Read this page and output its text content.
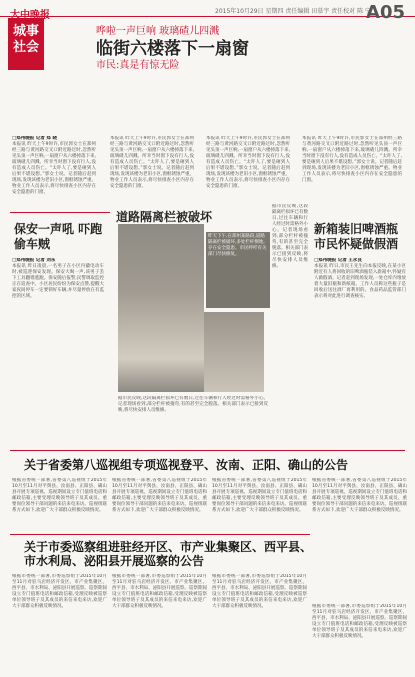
城事社会
2015年10月29日 星期四 责任编辑 田慕宇 责任校对 陈 宁
A05
哗啦一声巨响 玻璃碴儿四溅
临街六楼落下一扇窗
市民:真是有惊无险
□郑州晚报 记者 郑 晓
本报讯 昨天上午9时许,市民郭女士在郑州经三路与黄河路交叉口附近路过时,忽然听见头顶一声巨响,一扇窗户从六楼掉落下来,玻璃碴儿四溅。所幸当时窗下没有行人,没有造成人员伤亡。“太吓人了,要是砸到人后果不堪设想。”郭女士说。记者随后赶到现场,发现该楼为老旧小区,窗框锈蚀严重。物业工作人员表示,将尽快排查小区内存在安全隐患的门窗。
本报讯 昨天上午9时许,市民郭女士在郑州经三路与黄河路交叉口附近路过时,忽然听见头顶一声巨响,一扇窗户从六楼掉落下来,玻璃碴儿四溅。所幸当时窗下没有行人,没有造成人员伤亡。“太吓人了,要是砸到人后果不堪设想。”郭女士说。记者随后赶到现场,发现该楼为老旧小区,窗框锈蚀严重。物业工作人员表示,将尽快排查小区内存在安全隐患的门窗。
本报讯 昨天上午9时许,市民郭女士在郑州经三路与黄河路交叉口附近路过时,忽然听见头顶一声巨响,一扇窗户从六楼掉落下来,玻璃碴儿四溅。所幸当时窗下没有行人,没有造成人员伤亡。“太吓人了,要是砸到人后果不堪设想。”郭女士说。记者随后赶到现场,发现该楼为老旧小区,窗框锈蚀严重。物业工作人员表示,将尽快排查小区内存在安全隐患的门窗。
本报讯 昨天上午9时许,市民郭女士在郑州经三路与黄河路交叉口附近路过时,忽然听见头顶一声巨响,一扇窗户从六楼掉落下来,玻璃碴儿四溅。所幸当时窗下没有行人,没有造成人员伤亡。“太吓人了,要是砸到人后果不堪设想。”郭女士说。记者随后赶到现场,发现该楼为老旧小区,窗框锈蚀严重。物业工作人员表示,将尽快排查小区内存在安全隐患的门窗。
保安一声吼 吓跑偷车贼
□郑州晚报 记者 刘东
本报讯 昨日凌晨,一名男子在小区内撬电动车时,被巡逻保安发现。保安大喝一声,该男子丢下工具翻墙逃跑。保安随后报警,民警调取监控正在追查中。小区居民纷纷为保安点赞,提醒大家夜间停车一定要锁好车辆,并尽量停放在有监控的区域。
道路隔离栏被破坏
昨天下午,在郑州某路段,道路隔离栏被破坏,多处栏杆倒地,存在安全隐患。市民呼吁有关部门尽快修复。
据市民反映,这段隔离栏损坏已有数日,过往车辆和行人经过时需格外小心。记者现场看到,部分栏杆被撞弯,有的甚至完全脱落。相关部门表示已接到反映,将尽快安排人员维修。
据市民反映,这段隔离栏损坏已有数日,过往车辆和行人经过时需格外小心。记者现场看到,部分栏杆被撞弯,有的甚至完全脱落。相关部门表示已接到反映,将尽快安排人员维修。
新箱装旧啤酒瓶 市民怀疑做假酒
□郑州晚报 记者 王永良
本报讯 昨日,市民王先生向本报反映,在某小区附近有人将回收的旧啤酒瓶装入新箱中,怀疑有人做假酒。记者赶到现场发现,一处仓库内堆放着大量旧瓶和新纸箱。工作人员称这些瓶子是回收后送往酒厂再利用的。食品药品监管部门表示将对此进行调查核实。
关于省委第八巡视组专项巡视登平、汝南、正阳、确山的公告
根据省委统一部署,省委第八巡视组于2015年10月至11月对平舆县、汝南县、正阳县、确山县开展专项巡视。巡视期间设立专门值班电话和邮政信箱,主要受理反映领导班子及其成员、重要岗位领导干部问题的来信来电来访。巡视组联系方式如下,欢迎广大干部群众积极反映情况。
根据省委统一部署,省委第八巡视组于2015年10月至11月对平舆县、汝南县、正阳县、确山县开展专项巡视。巡视期间设立专门值班电话和邮政信箱,主要受理反映领导班子及其成员、重要岗位领导干部问题的来信来电来访。巡视组联系方式如下,欢迎广大干部群众积极反映情况。
根据省委统一部署,省委第八巡视组于2015年10月至11月对平舆县、汝南县、正阳县、确山县开展专项巡视。巡视期间设立专门值班电话和邮政信箱,主要受理反映领导班子及其成员、重要岗位领导干部问题的来信来电来访。巡视组联系方式如下,欢迎广大干部群众积极反映情况。
根据省委统一部署,省委第八巡视组于2015年10月至11月对平舆县、汝南县、正阳县、确山县开展专项巡视。巡视期间设立专门值班电话和邮政信箱,主要受理反映领导班子及其成员、重要岗位领导干部问题的来信来电来访。巡视组联系方式如下,欢迎广大干部群众积极反映情况。
关于市委巡察组进驻经开区、市产业集聚区、西平县、市水利局、泌阳县开展巡察的公告
根据市委统一部署,市委巡察组于2015年10月至11月对驻马店经济开发区、市产业集聚区、西平县、市水利局、泌阳县开展巡察。巡察期间设立专门值班电话和邮政信箱,受理反映被巡察单位领导班子及其成员的来信来电来访,欢迎广大干部群众积极反映情况。
根据市委统一部署,市委巡察组于2015年10月至11月对驻马店经济开发区、市产业集聚区、西平县、市水利局、泌阳县开展巡察。巡察期间设立专门值班电话和邮政信箱,受理反映被巡察单位领导班子及其成员的来信来电来访,欢迎广大干部群众积极反映情况。
根据市委统一部署,市委巡察组于2015年10月至11月对驻马店经济开发区、市产业集聚区、西平县、市水利局、泌阳县开展巡察。巡察期间设立专门值班电话和邮政信箱,受理反映被巡察单位领导班子及其成员的来信来电来访,欢迎广大干部群众积极反映情况。	根据市委统一部署,市委巡察组于2015年10月至11月对驻马店经济开发区、市产业集聚区、西平县、市水利局、泌阳县开展巡察。巡察期间设立专门值班电话和邮政信箱,受理反映被巡察单位领导班子及其成员的来信来电来访,欢迎广大干部群众积极反映情况。
